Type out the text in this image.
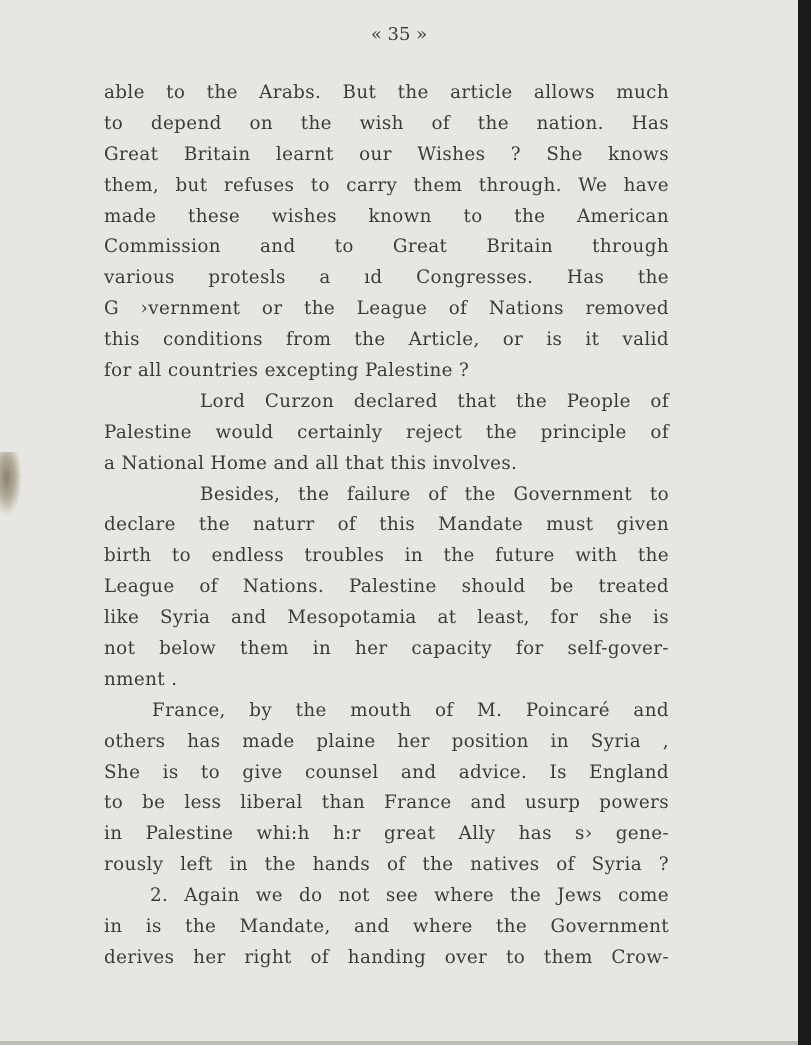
« 35 »
able to the Arabs. But the article allows much
to depend on the wish of the nation. Has
Great Britain learnt our Wishes ? She knows
them, but refuses to carry them through. We have
made these wishes known to the American
Commission and to Great Britain through
various protesls a ıd Congresses. Has the
G ›vernment or the League of Nations removed
this conditions from the Article, or is it valid
for all countries excepting Palestine ?
Lord Curzon declared that the People of
Palestine would certainly reject the principle of
a National Home and all that this involves.
Besides, the failure of the Government to
declare the naturr of this Mandate must given
birth to endless troubles in the future with the
League of Nations. Palestine should be treated
like Syria and Mesopotamia at least, for she is
not below them in her capacity for self-gover-
nment .
France, by the mouth of M. Poincaré and
others has made plaine her position in Syria ,
She is to give counsel and advice. Is England
to be less liberal than France and usurp powers
in Palestine whi:h h:r great Ally has s› gene-
rously left in the hands of the natives of Syria ?
2. Again we do not see where the Jews come
in is the Mandate, and where the Government
derives her right of handing over to them Crow-
